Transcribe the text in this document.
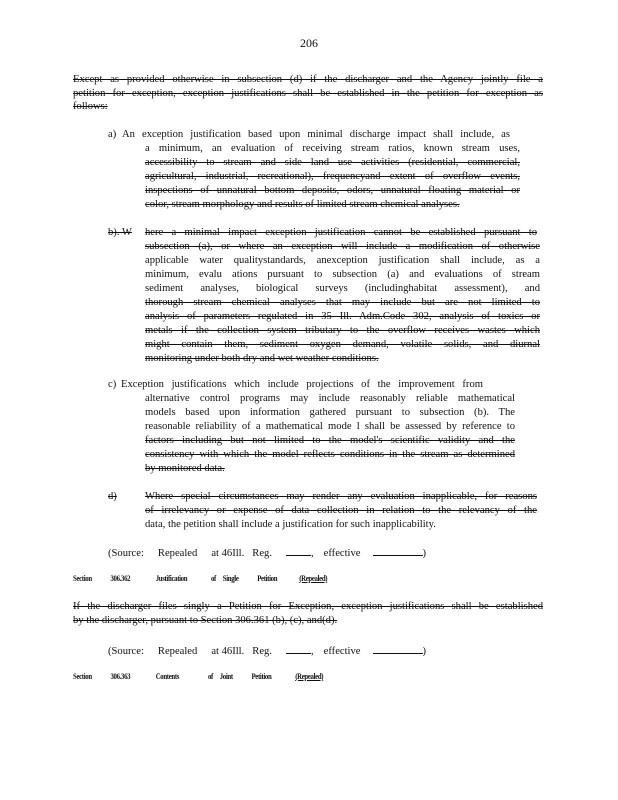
206
Except as provided otherwise in subsection (d) if the discharger and the Agency jointly file a
petition for exception, exception justifications shall be established in the petition for exception as
follows:
a) An exception justification based upon minimal discharge impact shall include, as
a minimum, an evaluation of receiving stream ratios, known stream uses,
accessibility to stream and side land use activities (residential, commercial,
agricultural, industrial, recreational), frequencyand extent of overflow events,
inspections of unnatural bottom deposits, odors, unnatural floating material or
color, stream morphology and results of limited stream chemical analyses.
b). W here a minimal impact exception justification cannot be established pursuant to
subsection (a), or where an exception will include a modification of otherwise
applicable water qualitystandards, anexception justification shall include, as a
minimum, evalu ations pursuant to subsection (a) and evaluations of stream
sediment analyses, biological surveys (includinghabitat assessment), and
thorough stream chemical analyses that may include but are not limited to
analysis of parameters regulated in 35 Ill. Adm.Code 302, analysis of toxics or
metals if the collection system tributary to the overflow receives wastes which
might contain them, sediment oxygen demand, volatile solids, and diurnal
monitoring under both dry and wet weather conditions.
c) Exception justifications which include projections of the improvement from
alternative control programs may include reasonably reliable mathematical
models based upon information gathered pursuant to subsection (b). The
reasonable reliability of a mathematical mode l shall be assessed by reference to
factors including but not limited to the model's scientific validity and the
consistency with which the model reflects conditions in the stream as determined
by monitored data.
d)	Where special circumstances may render any evaluation inapplicable, for reasons
of irrelevancy or expense of data collection in relation to the relevancy of the
data, the petition shall include a justification for such inapplicability.
(Source: Repealed at 46Ill. Reg.	, effective	)
(Source: Repealed at 46Ill. Reg.	, effective	)
Section 306.362	Justification	of Single Petition	(Repealed)
If the discharger files singly a Petition for Exception, exception justifications shall be established
by the discharger, pursuant to Section 306.361 (b), (c), and(d).
Section 306.363	Contents	of Joint Petition	(Repealed)
